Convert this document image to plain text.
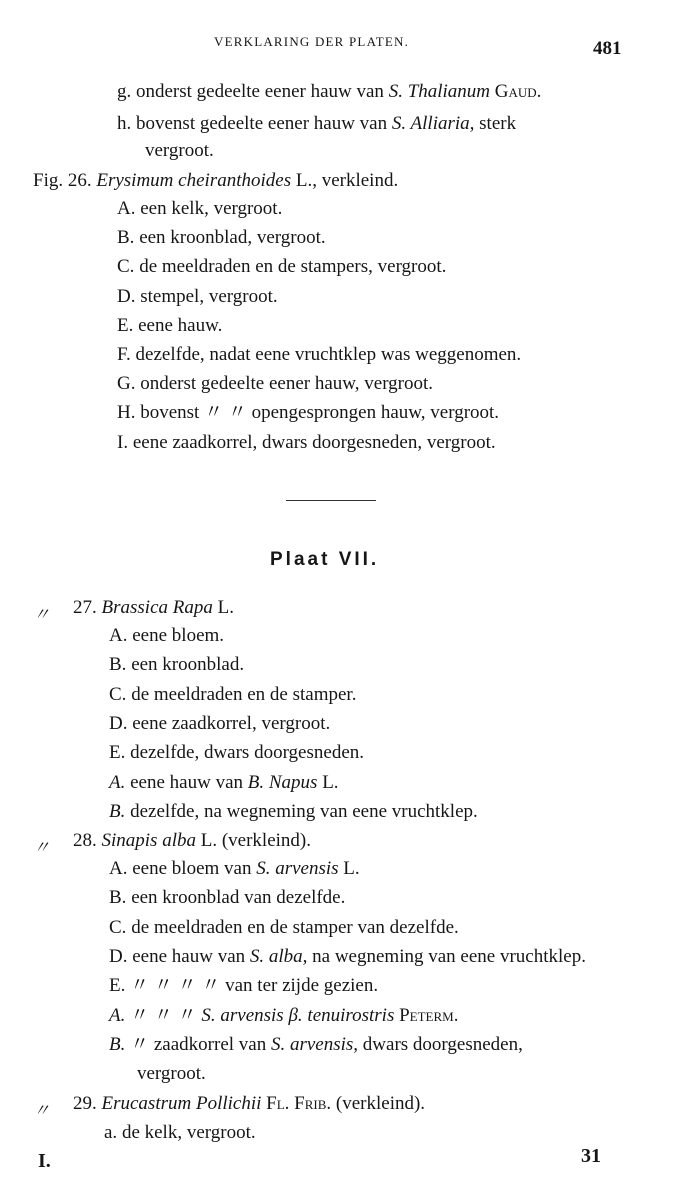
VERKLARING DER PLATEN.	481
g. onderst gedeelte eener hauw van S. Thalianum Gaud.
h. bovenst gedeelte eener hauw van S. Alliaria, sterk
vergroot.
Fig. 26. Erysimum cheiranthoides L., verkleind.
A. een kelk, vergroot.
B. een kroonblad, vergroot.
C. de meeldraden en de stampers, vergroot.
D. stempel, vergroot.
E. eene hauw.
F. dezelfde, nadat eene vruchtklep was weggenomen.
G. onderst gedeelte eener hauw, vergroot.
H. bovenst 〃 〃 opengesprongen hauw, vergroot.
I. eene zaadkorrel, dwars doorgesneden, vergroot.
Plaat VII.
〃 27. Brassica Rapa L.
A. eene bloem.
B. een kroonblad.
C. de meeldraden en de stamper.
D. eene zaadkorrel, vergroot.
E. dezelfde, dwars doorgesneden.
A. eene hauw van B. Napus L.
B. dezelfde, na wegneming van eene vruchtklep.
〃 28. Sinapis alba L. (verkleind).
A. eene bloem van S. arvensis L.
B. een kroonblad van dezelfde.
C. de meeldraden en de stamper van dezelfde.
D. eene hauw van S. alba, na wegneming van eene vruchtklep.
E. 〃 〃 〃 〃 van ter zijde gezien.
A. 〃 〃 〃 S. arvensis β. tenuirostris Peterm.
B. 〃 zaadkorrel van S. arvensis, dwars doorgesneden,
vergroot.
〃 29. Erucastrum Pollichii Fl. Frib. (verkleind).
a. de kelk, vergroot.
I.	31
